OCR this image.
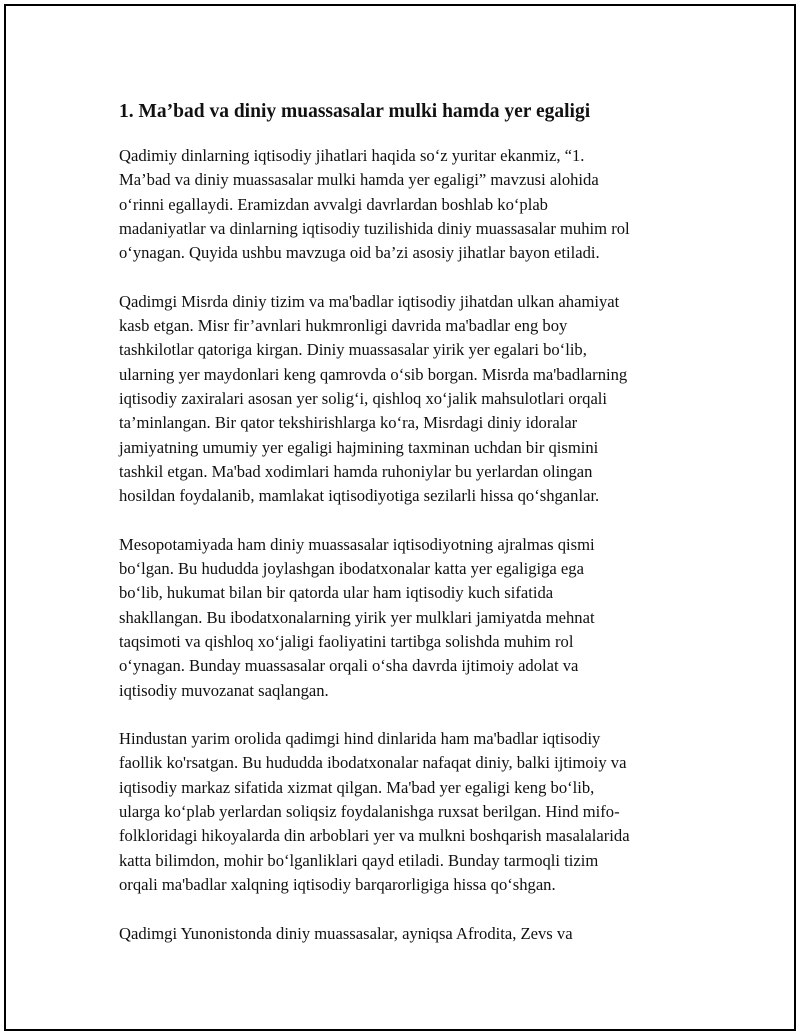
1. Ma’bad va diniy muassasalar mulki hamda yer egaligi

Qadimiy dinlarning iqtisodiy jihatlari haqida so‘z yuritar ekanmiz, “1.
Ma’bad va diniy muassasalar mulki hamda yer egaligi” mavzusi alohida
o‘rinni egallaydi. Eramizdan avvalgi davrlardan boshlab ko‘plab
madaniyatlar va dinlarning iqtisodiy tuzilishida diniy muassasalar muhim rol
o‘ynagan. Quyida ushbu mavzuga oid ba’zi asosiy jihatlar bayon etiladi.

Qadimgi Misrda diniy tizim va ma'badlar iqtisodiy jihatdan ulkan ahamiyat
kasb etgan. Misr fir’avnlari hukmronligi davrida ma'badlar eng boy
tashkilotlar qatoriga kirgan. Diniy muassasalar yirik yer egalari bo‘lib,
ularning yer maydonlari keng qamrovda o‘sib borgan. Misrda ma'badlarning
iqtisodiy zaxiralari asosan yer solig‘i, qishloq xo‘jalik mahsulotlari orqali
ta’minlangan. Bir qator tekshirishlarga ko‘ra, Misrdagi diniy idoralar
jamiyatning umumiy yer egaligi hajmining taxminan uchdan bir qismini
tashkil etgan. Ma'bad xodimlari hamda ruhoniylar bu yerlardan olingan
hosildan foydalanib, mamlakat iqtisodiyotiga sezilarli hissa qo‘shganlar.

Mesopotamiyada ham diniy muassasalar iqtisodiyotning ajralmas qismi
bo‘lgan. Bu hududda joylashgan ibodatxonalar katta yer egaligiga ega
bo‘lib, hukumat bilan bir qatorda ular ham iqtisodiy kuch sifatida
shakllangan. Bu ibodatxonalarning yirik yer mulklari jamiyatda mehnat
taqsimoti va qishloq xo‘jaligi faoliyatini tartibga solishda muhim rol
o‘ynagan. Bunday muassasalar orqali o‘sha davrda ijtimoiy adolat va
iqtisodiy muvozanat saqlangan.

Hindustan yarim orolida qadimgi hind dinlarida ham ma'badlar iqtisodiy
faollik ko'rsatgan. Bu hududda ibodatxonalar nafaqat diniy, balki ijtimoiy va
iqtisodiy markaz sifatida xizmat qilgan. Ma'bad yer egaligi keng bo‘lib,
ularga ko‘plab yerlardan soliqsiz foydalanishga ruxsat berilgan. Hind mifo-
folkloridagi hikoyalarda din arboblari yer va mulkni boshqarish masalalarida
katta bilimdon, mohir bo‘lganliklari qayd etiladi. Bunday tarmoqli tizim
orqali ma'badlar xalqning iqtisodiy barqarorligiga hissa qo‘shgan.

Qadimgi Yunonistonda diniy muassasalar, ayniqsa Afrodita, Zevs va
